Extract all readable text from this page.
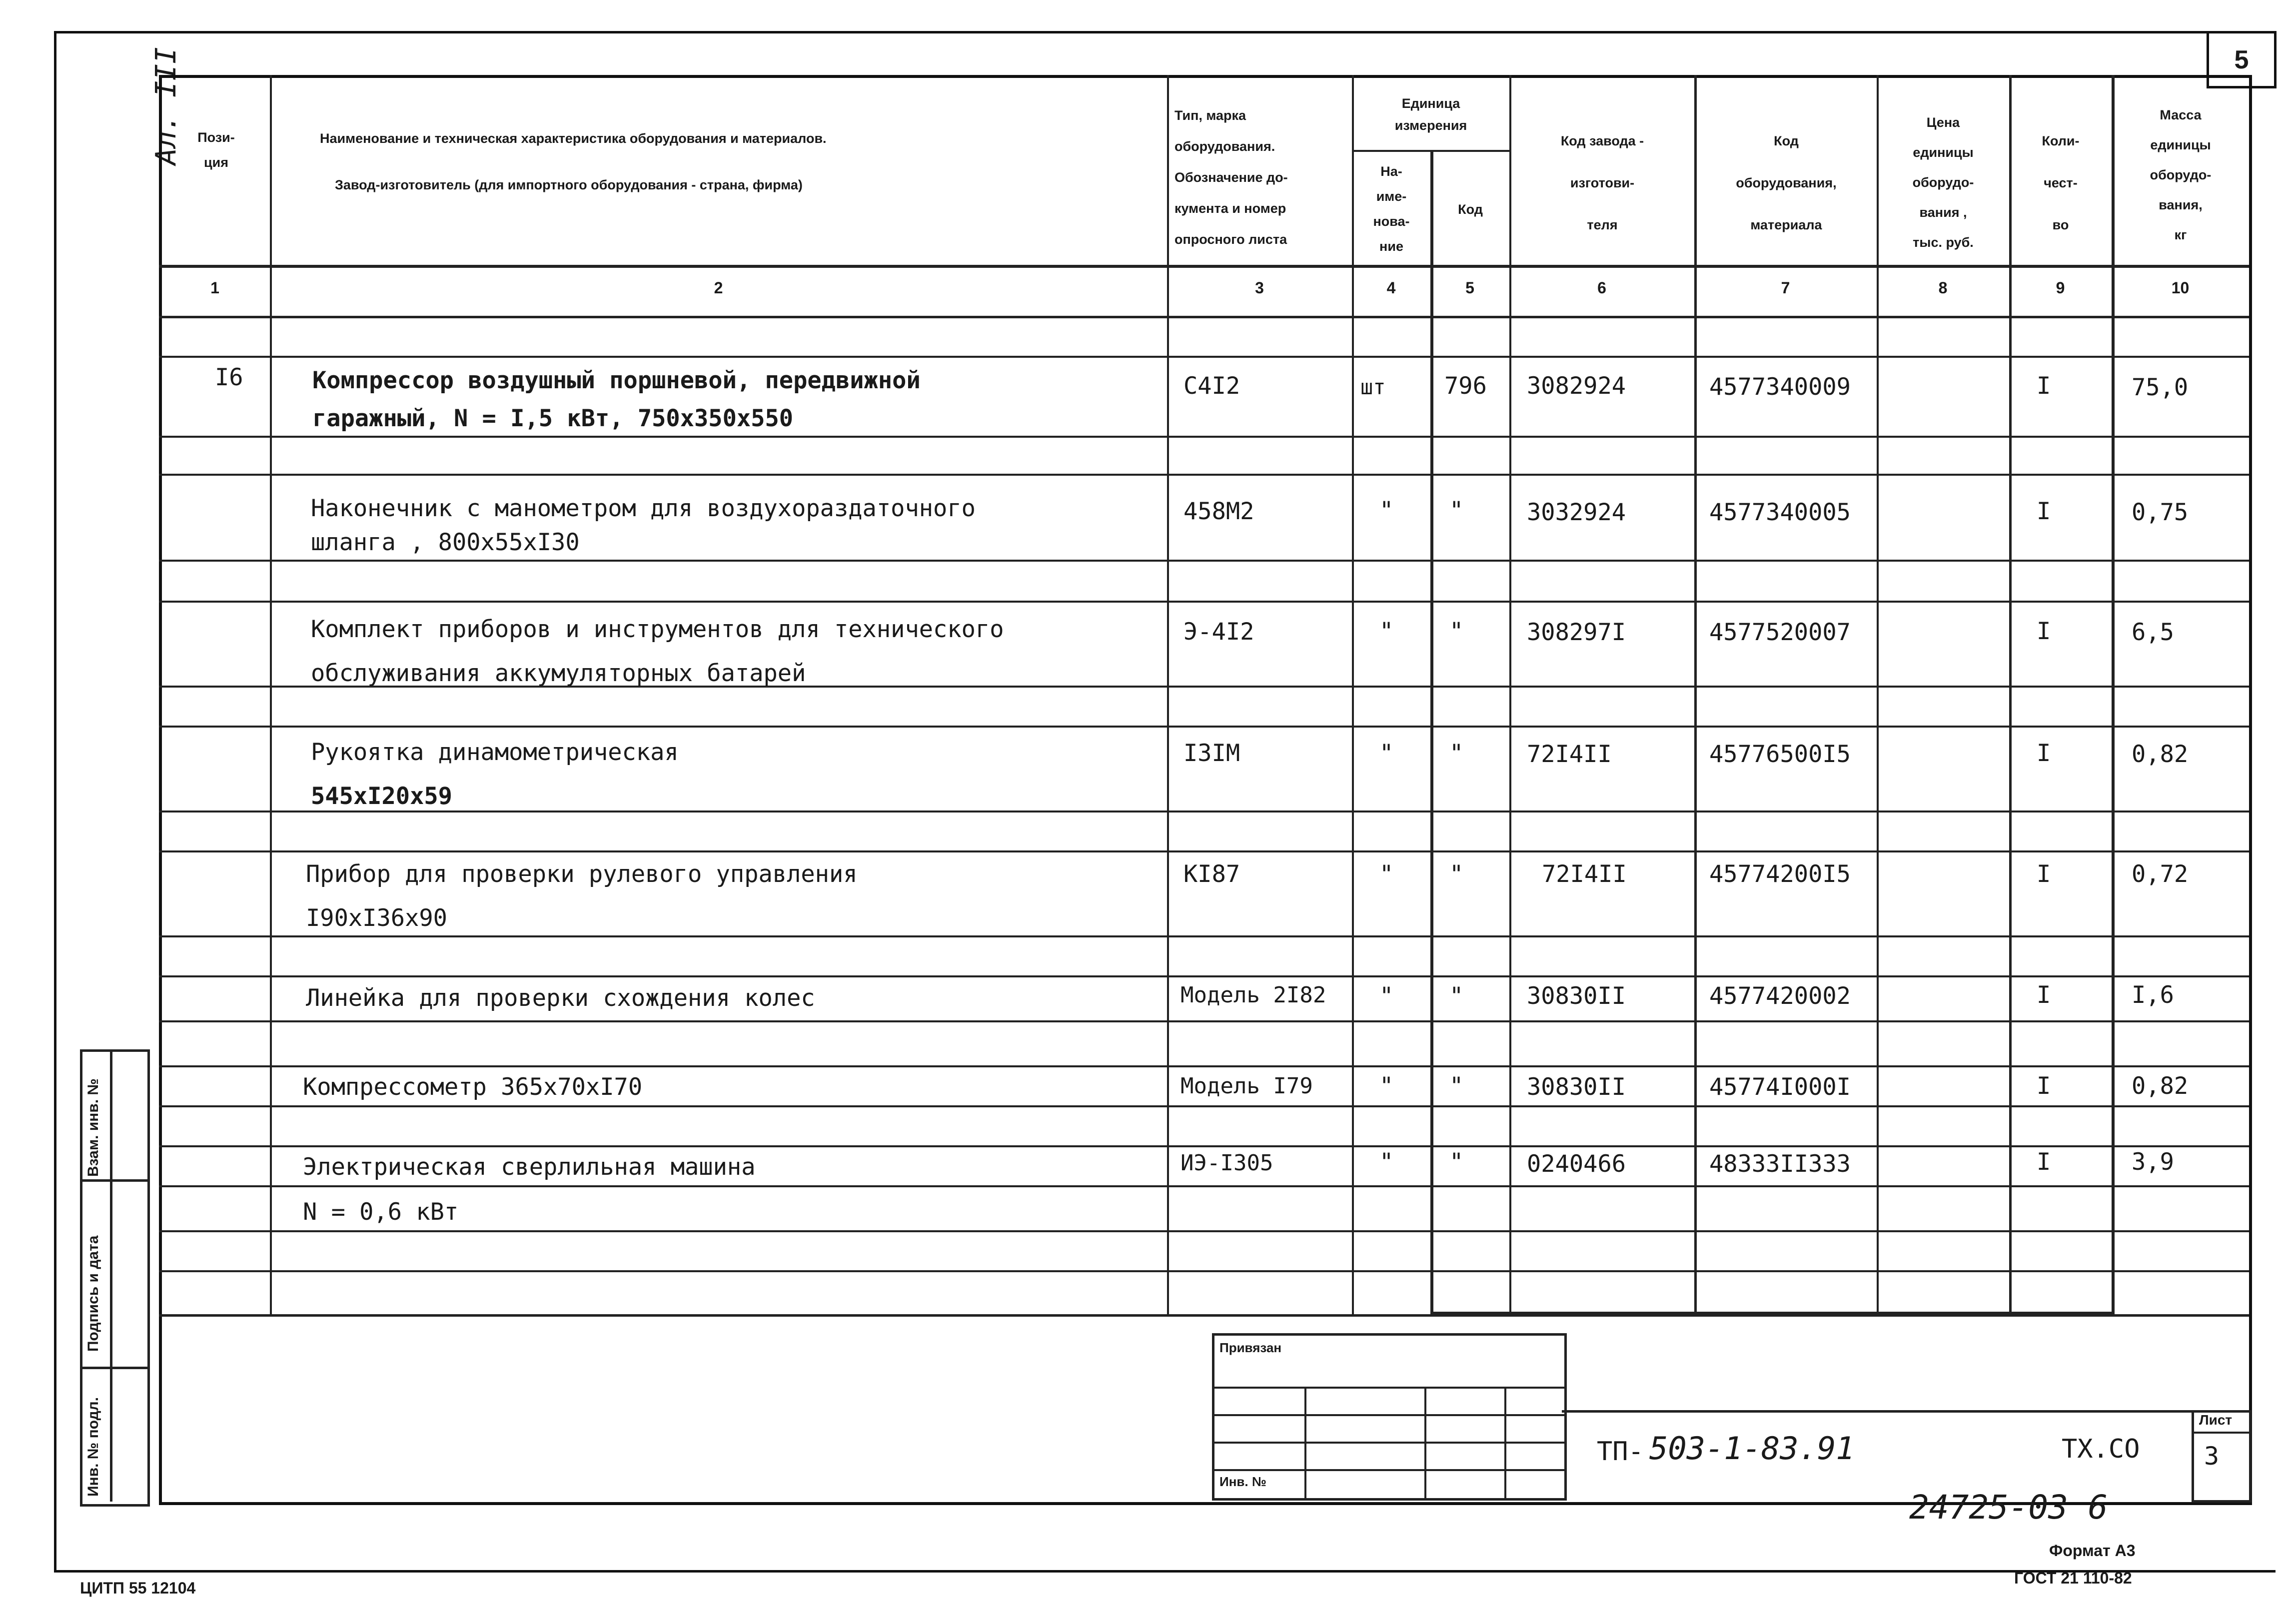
5
Ал. III	Пози-
ция
Наименование и техническая характеристика оборудования и материалов.
Завод-изготовитель (для импортного оборудования - страна, фирма)
Тип, марка
оборудования.
Обозначение до-
кумента и номер
опросного листа
Единица
измерения
На-
име-
нова-
ние
Код
Код завода -
изготови-
теля
Код
оборудования,
материала
Цена
единицы
оборудо-
вания ,
тыс. руб.
Коли-
чест-
во
Масса
единицы
оборудо-
вания,
кг
1	2	3	4	5	6	7	8	9	10
I6	Компрессор воздушный поршневой, передвижной
гаражный, N = I,5 кВт, 750x350x550
С4I2	шт 796 3082924	4577340009	I	75,0
Наконечник с манометром для воздухораздаточного
шланга , 800x55xI30
458М2	" "	3032924	4577340005	I	0,75
Комплект приборов и инструментов для технического
обслуживания аккумуляторных батарей
Э-4I2	" "	308297I	4577520007	I	6,5
Рукоятка динамометрическая
545xI20x59
I3IМ	" "	72I4II	45776500I5	I	0,82
Прибор для проверки рулевого управления
I90xI36x90
КI87	" "	72I4II	45774200I5	I	0,72
Линейка для проверки схождения колес	Модель 2I82 " "	30830II	4577420002	I	I,6
Компрессометр 365x70xI70	Модель I79	" "	30830II	45774I000I	I	0,82
Электрическая сверлильная машина
N = 0,6 кВт
ИЭ-I305	" "	0240466	48333II333	I	3,9
Взам. инв. №
Подпись и дата
Инв. № подл.
Привязан
Инв. №
Лист
3
ТП- 503-1-83.91	ТХ.СО
24725-03 6
Формат А3
ГОСТ 21 110-82
ЦИТП 55 12104
